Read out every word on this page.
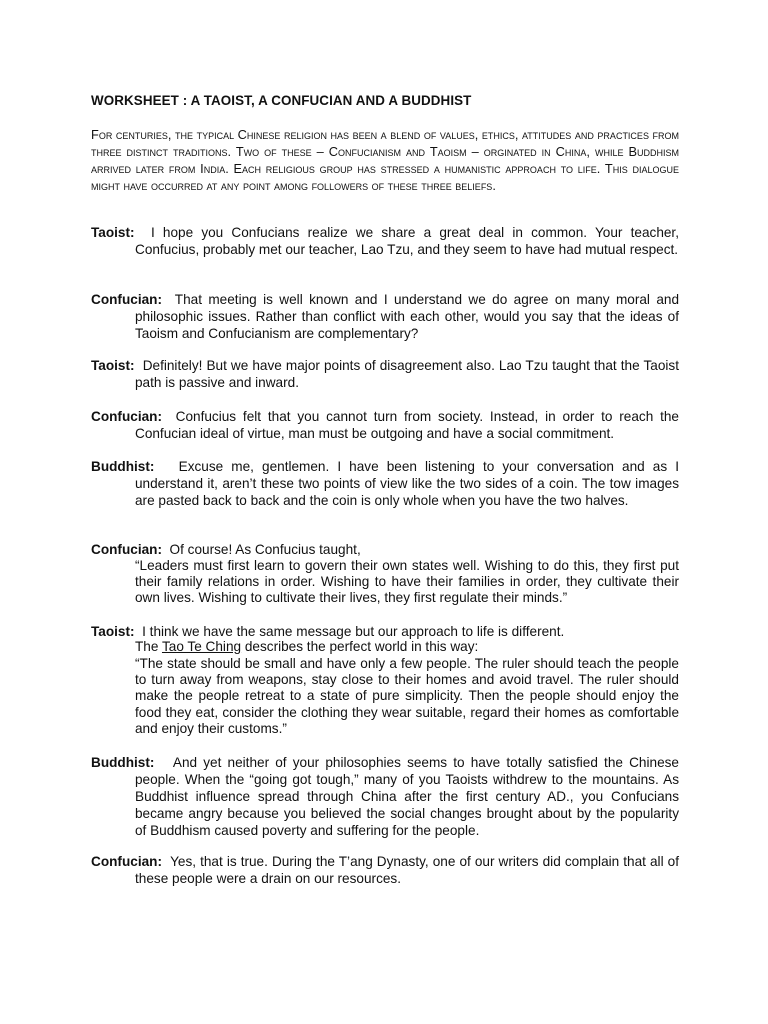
WORKSHEET : A TAOIST, A CONFUCIAN AND A BUDDHIST
For centuries, the typical Chinese religion has been a blend of values, ethics, attitudes and practices from three distinct traditions. Two of these – Confucianism and Taoism – orginated in China, while Buddhism arrived later from India. Each religious group has stressed a humanistic approach to life. This dialogue might have occurred at any point among followers of these three beliefs.
Taoist: I hope you Confucians realize we share a great deal in common. Your teacher, Confucius, probably met our teacher, Lao Tzu, and they seem to have had mutual respect.
Confucian: That meeting is well known and I understand we do agree on many moral and philosophic issues. Rather than conflict with each other, would you say that the ideas of Taoism and Confucianism are complementary?
Taoist: Definitely! But we have major points of disagreement also. Lao Tzu taught that the Taoist path is passive and inward.
Confucian: Confucius felt that you cannot turn from society. Instead, in order to reach the Confucian ideal of virtue, man must be outgoing and have a social commitment.
Buddhist: Excuse me, gentlemen. I have been listening to your conversation and as I understand it, aren’t these two points of view like the two sides of a coin. The tow images are pasted back to back and the coin is only whole when you have the two halves.
Confucian: Of course! As Confucius taught,
“Leaders must first learn to govern their own states well. Wishing to do this, they first put their family relations in order. Wishing to have their families in order, they cultivate their own lives. Wishing to cultivate their lives, they first regulate their minds.”
Taoist: I think we have the same message but our approach to life is different.
The Tao Te Ching describes the perfect world in this way:
“The state should be small and have only a few people. The ruler should teach the people to turn away from weapons, stay close to their homes and avoid travel. The ruler should make the people retreat to a state of pure simplicity. Then the people should enjoy the food they eat, consider the clothing they wear suitable, regard their homes as comfortable and enjoy their customs.”
Buddhist: And yet neither of your philosophies seems to have totally satisfied the Chinese people. When the “going got tough,” many of you Taoists withdrew to the mountains. As Buddhist influence spread through China after the first century AD., you Confucians became angry because you believed the social changes brought about by the popularity of Buddhism caused poverty and suffering for the people.
Confucian: Yes, that is true. During the T’ang Dynasty, one of our writers did complain that all of these people were a drain on our resources.
